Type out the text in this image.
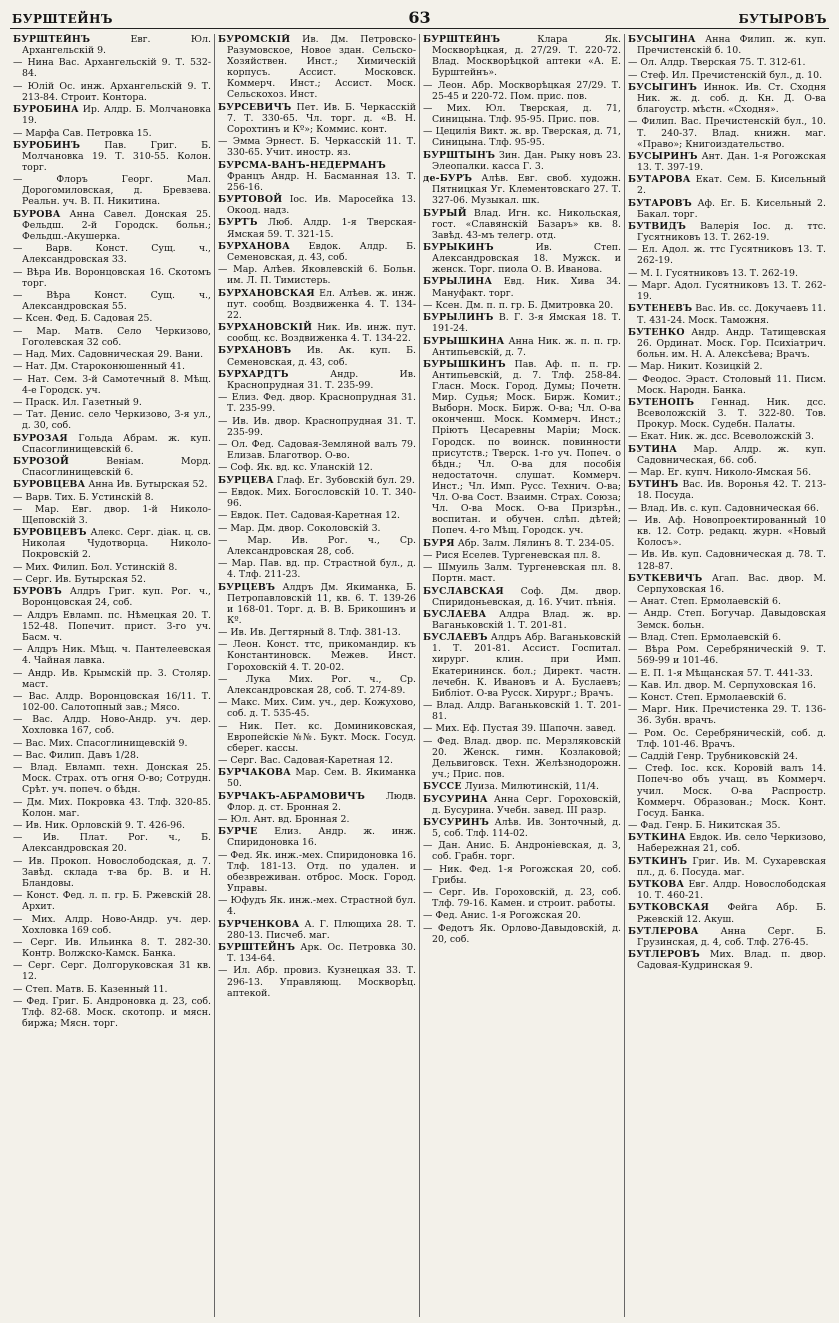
БУРШТЕЙНЪ	63	БУТЫРОВЪ
БУРШТЕЙНЪ	Евг. Юл. Архангельскій 9.
— Нина Вас. Архангельскій 9. Т. 532-84.
— Юлій Ос. инж. Архангельскій 9. Т. 213-84. Строит. Контора.
БУРОБИНА Ир. Алдр. Б. Молчановка 19.
— Марфа Сав. Петровка 15.
БУРОБИНЪ	Пав. Григ. Б. Молчановка 19. Т. 310-55. Колон. торг.
— Флоръ Георг. Мал. Дорогомиловская, д. Бревзева. Реальн. уч. В. П. Никитина.
БУРОВА Анна Савел. Донская 25. Фельдш. 2-й Городск. больн.; Фельдш.-Акушерка.
— Варв. Конст. Сущ. ч., Александровская 33.
— Вѣра Ив. Воронцовская 16. Скотомъ торг.
— Вѣра Конст. Сущ. ч., Александровская 55.
— Ксен. Фед. Б. Садовая 25.
— Мар. Матв. Село Черкизово, Гоголевская 32 соб.
— Над. Мих. Садовническая 29. Вани.
— Нат. Дм. Староконюшенный 41.
— Нат. Сем. 3-й Самотечный 8. Мѣщ. 4-е Городск. уч.
— Праск. Ил. Газетный 9.
— Тат. Денис. село Черкизово, 3-я ул., д. 30, соб.
БУРОЗАЯ Гольда Абрам. ж. куп. Спасоглинищевскій 6.
БУРОЗОЙ	Веніам. Морд. Спасоглинищевскій 6.
БУРОВЦЕВА Анна Ив. Бутырская 52.
— Варв. Тих. Б. Устинскій 8.
— Мар. Евг. двор. 1-й Николо-Щеповскій 3.
БУРОВЦЕВЪ Алекс. Серг. діак. ц. св. Николая Чудотворца. Николо-Покровскій 2.
— Мих. Филип. Бол. Устинскій 8.
— Серг. Ив. Бутырская 52.
БУРОВЪ Алдръ Григ. куп. Рог. ч., Воронцовская 24, соб.
— Алдръ Евламп. пс. Нѣмецкая 20. Т. 152-48. Попечит. прист. 3-го уч. Басм. ч.
— Алдръ Ник. Мѣщ. ч. Пантелеевская 4. Чайная лавка.
— Андр. Ив. Крымскій пр. 3. Столяр. маст.
— Вас. Алдр. Воронцовская 16/11. Т. 102-00. Салотопный зав.; Мясо.
— Вас. Алдр. Ново-Андр. уч. дер. Хохловка 167, соб.
— Вас. Мих. Спасоглинищевскій 9.
— Вас. Филип. Давъ 1/28.
— Влад. Евламп. техн. Донская 25. Моск. Страх. отъ огня О-во; Сотрудн. Срѣт. уч. попеч. о бѣдн.
— Дм. Мих. Покровка 43. Тлф. 320-85. Колон. маг.
— Ив. Ник. Орловскій 9. Т. 426-96.
— Ив. Плат. Рог. ч., Б. Александровская 20.
— Ив. Прокоп. Новослободская, д. 7. Завѣд. склада т-ва бр. В. и Н. Бландовы.
— Конст. Фед. л. п. гр. Б. Ржевскій 28. Архит.
— Мих. Алдр. Ново-Андр. уч. дер. Хохловка 169 соб.
— Серг. Ив. Ильинка 8. Т. 282-30. Контр. Волжско-Камск. Банка.
— Серг. Серг. Долгоруковская 31 кв. 12.
— Степ. Матв. Б. Казенный 11.
— Фед. Григ. Б. Андроновка д. 23, соб. Тлф. 82-68. Моск. скотопр. и мясн. биржа; Мясн. торг.
БУРОМСКІЙ Ив. Дм. Петровско-Разумовское, Новое здан. Сельско-Хозяйствен. Инст.; Химическій корпусъ. Ассист. Московск. Коммерч. Инст.; Ассист. Моск. Сельскохоз. Инст.
БУРСЕВИЧЪ Пет. Ив. Б. Черкасскій 7. Т. 330-65. Чл. торг. д. «В. Н. Сорохтинъ и Кº»; Коммис. конт.
— Эмма Эрнест. Б. Черкасскій 11. Т. 330-65. Учит. иностр. яз.
БУРСМА-ВАНЪ-НЕДЕРМАНЪ Францъ Андр. Н. Басманная 13. Т. 256-16.
БУРТОВОЙ Іос. Ив. Маросейка 13. Окоод. надз.
БУРТЪ Люб. Алдр. 1-я Тверская-Ямская 59. Т. 321-15.
БУРХАНОВА Евдок. Алдр. Б. Семеновская, д. 43, соб.
— Мар. Алѣев. Яковлевскій 6. Больн. им. Л. П. Тимистерь.
БУРХАНОВСКАЯ Ел. Алѣев. ж. инж. пут. сообщ. Воздвиженка 4. Т. 134-22.
БУРХАНОВСКІЙ Ник. Ив. инж. пут. сообщ. кс. Воздвиженка 4. Т. 134-22.
БУРХАНОВЪ Ив. Ак. куп. Б. Семеновская, д. 43, соб.
БУРХАРДТЪ	Андр. Ив. Краснопрудная 31. Т. 235-99.
— Елиз. Фед. двор. Краснопрудная 31. Т. 235-99.
— Ив. Ив. двор. Краснопрудная 31. Т. 235-99.
— Ол. Фед. Садовая-Земляной валъ 79. Елизав. Благотвор. О-во.
— Соф. Як. вд. кс. Уланскій 12.
БУРЦЕВА Глаф. Ег. Зубовскій бул. 29.
— Евдок. Мих. Богословскій 10. Т. 340-96.
— Евдок. Пет. Садовая-Каретная 12.
— Мар. Дм. двор. Соколовскій 3.
— Мар. Ив. Рог. ч., Ср. Александровская 28, соб.
— Мар. Пав. вд. пр. Страстной бул., д. 4. Тлф. 211-23.
БУРЦЕВЪ Алдръ Дм. Якиманка, Б. Петропавловскій 11, кв. 6. Т. 139-26 и 168-01. Торг. д. В. В. Брикошинъ и Кº.
— Ив. Ив. Дегтярный 8. Тлф. 381-13.
— Леон. Конст. ттс, прикомандир. къ Константиновск. Межев. Инст. Гороховскій 4. Т. 20-02.
— Лука Мих. Рог. ч., Ср. Александровская 28, соб. Т. 274-89.
— Макс. Мих. Сим. уч., дер. Кожухово, соб. д. Т. 535-45.
— Ник. Пет. кс. Доминиковская, Европейскіе №№. Букт. Моск. Госуд. сберег. кассы.
— Серг. Вас. Садовая-Каретная 12.
БУРЧАКОВА Мар. Сем. В. Якиманка 50.
БУРЧАКЪ-АБРАМОВИЧЪ Людв. Флор. д. ст. Бронная 2.
— Юл. Ант. вд. Бронная 2.
БУРЧЕ Елиз. Андр. ж. инж. Спиридоновка 16.
— Фед. Як. инж.-мех. Спиридоновка 16. Тлф. 181-13. Отд. по удален. и обезвреживан. отброс. Моск. Город. Управы.
— Юфудъ Як. инж.-мех. Страстной бул. 4.
БУРЧЕНКОВА А. Г. Плющиха 28. Т. 280-13. Писчеб. маг.
БУРШТЕЙНЪ Арк. Ос. Петровка 30. Т. 134-64.
— Ил. Абр. провиз. Кузнецкая 33. Т. 296-13. Управляющ. Москворѣц. аптекой.
БУРШТЕЙНЪ	Клара Як. Москворѣцкая, д. 27/29. Т. 220-72. Влад. Москворѣцкой аптеки «А. Е. Бурштейнъ».
— Леон. Абр. Москворѣцкая 27/29. Т. 25-45 и 220-72. Пом. прис. пов.
— Мих. Юл. Тверская, д. 71, Синицына. Тлф. 95-95. Прис. пов.
— Цецилія Викт. ж. вр. Тверская, д. 71, Синицына. Тлф. 95-95.
БУРШТЫНЪ Зин. Дан. Рыку новъ 23. Элеопалки. касса Г. 3.
де-БУРЪ Алѣв. Евг. своб. художн. Пятницкая Уг. Клементовскаго 27. Т. 327-06. Музыкал. шк.
БУРЫЙ Влад. Игн. кс. Никольская, гост. «Славянскій Базаръ» кв. 8. Завѣд. 43-мъ телегр. отд.
БУРЫКИНЪ	Ив. Степ. Александровская 18. Мужск. и женск. Торг. пиола О. В. Иванова.
БУРЫЛИНА Евд. Ник. Хива 34. Мануфакт. торг.
— Ксен. Дм. п. п. гр. Б. Дмитровка 20.
БУРЫЛИНЪ В. Г. 3-я Ямская 18. Т. 191-24.
БУРЫШКИНА Анна Ник. ж. п. п. гр. Антипьевскій, д. 7.
БУРЫШКИНЪ Пав. Аф. п. п. гр. Антипьевскій, д. 7. Тлф. 258-84. Гласн. Моск. Город. Думы; Почетн. Мир. Судья; Моск. Бирж. Комит.; Выборн. Моск. Бирж. О-ва; Чл. О-ва оконченш. Моск. Коммерч. Инст.; Пріютъ Цесаревны Маріи; Моск. Городск. по воинск. повинности присутств.; Тверск. 1-го уч. Попеч. о бѣдн.; Чл. О-ва для пособія недостаточн. слушат. Коммерч. Инст.; Чл. Имп. Русс. Технич. О-ва; Чл. О-ва Сост. Взаимн. Страх. Союза; Чл. О-ва Моск. О-ва Призрѣн., воспитан. и обучен. слѣп. дѣтей; Попеч. 4-го Мѣщ. Городск. уч.
БУРЯ Абр. Залм. Лялинъ 8. Т. 234-05.
— Рися Еселев. Тургеневская пл. 8.
— Шмуиль Залм. Тургеневская пл. 8. Портн. маст.
БУСЛАВСКАЯ Соф. Дм. двор. Спиридоньевская, д. 16. Учит. пѣнія.
БУСЛАЕВА Алдра Влад. ж. вр. Ваганьковскій 1. Т. 201-81.
БУСЛАЕВЪ Алдръ Абр. Ваганьковскій 1. Т. 201-81. Ассист. Госпитал. хирург. клин. при Имп. Екатерининск. бол.; Директ. частн. лечебн. К. Ивановъ и А. Буслаевъ; Библіот. О-ва Русск. Хирург.; Врачъ.
— Влад. Алдр. Ваганьковскій 1. Т. 201-81.
— Мих. Еф. Пустая 39. Шапочн. завед.
— Фед. Влад. двор. пс. Мерзляковскій 20. Женск. гимн. Козлаковой; Дельвиговск. Техн. Желѣзнодорожн. уч.; Прис. пов.
БУССЕ Луиза. Милютинскій, 11/4.
БУСУРИНА Анна Серг. Гороховскій, д. Бусурина. Учебн. завед. III разр.
БУСУРИНЪ Алѣв. Ив. Зонточный, д. 5, соб. Тлф. 114-02.
— Дан. Анис. Б. Андроніевская, д. 3, соб. Грабн. торг.
— Ник. Фед. 1-я Рогожская 20, соб. Грибы.
— Серг. Ив. Гороховскій, д. 23, соб. Тлф. 79-16. Камен. и строит. работы.
— Фед. Анис. 1-я Рогожская 20.
— Федотъ Як. Орлово-Давыдовскій, д. 20, соб.
БУСЫГИНА Анна Филип. ж. куп. Пречистенскій б. 10.
— Ол. Алдр. Тверская 75. Т. 312-61.
— Стеф. Ил. Пречистенскій бул., д. 10.
БУСЫГИНЪ Иннок. Ив. Ст. Сходня Ник. ж. д. соб. д. Кн. Д. О-ва благоустр. мѣстн. «Сходня».
— Филип. Вас. Пречистенскій бул., 10. Т. 240-37. Влад. книжн. маг. «Право»; Книгоиздательство.
БУСЫРИНЪ Ант. Дан. 1-я Рогожская 13. Т. 397-19.
БУТАРОВА Екат. Сем. Б. Кисельный 2.
БУТАРОВЪ Аф. Ег. Б. Кисельный 2. Бакал. торг.
БУТВИДЪ Валерія Іос. д. ттс. Гусятниковъ 13. Т. 262-19.
— Ел. Адол. ж. ттс Гусятниковъ 13. Т. 262-19.
— М. І. Гусятниковъ 13. Т. 262-19.
— Марг. Адол. Гусятниковъ 13. Т. 262-19.
БУТЕНЕВЪ Вас. Ив. сс. Докучаевъ 11. Т. 431-24. Моск. Таможня.
БУТЕНКО Андр. Андр. Татищевская 26. Ординат. Моск. Гор. Психіатрич. больн. им. Н. А. Алексѣева; Врачъ.
— Мар. Никит. Козицкій 2.
— Феодос. Эраст. Столовый 11. Писм. Моск. Народн. Банка.
БУТЕНОПЪ Геннад. Ник. дсс. Всеволожскій 3. Т. 322-80. Тов. Прокур. Моск. Судебн. Палаты.
— Екат. Ник. ж. дсс. Всеволожскій 3.
БУТИНА Мар. Алдр. ж. куп. Садовническая, 66. соб.
— Мар. Ег. купч. Николо-Ямская 56.
БУТИНЪ Вас. Ив. Воронья 42. Т. 213-18. Посуда.
— Влад. Ив. с. куп. Садовническая 66.
— Ив. Аф. Новопроектированный 10 кв. 12. Сотр. редакц. журн. «Новый Колосъ».
— Ив. Ив. куп. Садовническая д. 78. Т. 128-87.
БУТКЕВИЧЪ Агап. Вас. двор. М. Серпуховская 16.
— Анат. Степ. Ермолаевскій 6.
— Андр. Степ. Богучар. Давыдовская Земск. больн.
— Влад. Степ. Ермолаевскій 6.
— Вѣра Ром. Серебряническій 9. Т. 569-99 и 101-46.
— Е. П. 1-я Мѣщанская 57. Т. 441-33.
— Кав. Ил. двор. М. Серпуховская 16.
— Конст. Степ. Ермолаевскій 6.
— Марг. Ник. Пречистенка 29. Т. 136-36. Зубн. врачъ.
— Ром. Ос. Серебряническій, соб. д. Тлф. 101-46. Врачъ.
— Саддій Генр. Трубниковскій 24.
— Стеф. Іос. кск. Коровій валъ 14. Попеч-во объ учащ. въ Коммерч. учил. Моск. О-ва Распростр. Коммерч. Образован.; Моск. Конт. Госуд. Банка.
— Фад. Генр. Б. Никитская 35.
БУТКИНА Евдок. Ив. село Черкизово, Набережная 21, соб.
БУТКИНЪ Григ. Ив. М. Сухаревская пл., д. 6. Посуда. маг.
БУТКОВА Евг. Алдр. Новослободская 10. Т. 460-21.
БУТКОВСКАЯ Фейга Абр. Б. Ржевскій 12. Акуш.
БУТЛЕРОВА Анна Серг. Б. Грузинская, д. 4, соб. Тлф. 276-45.
БУТЛЕРОВЪ Мих. Влад. п. двор. Садовая-Кудринская 9.
